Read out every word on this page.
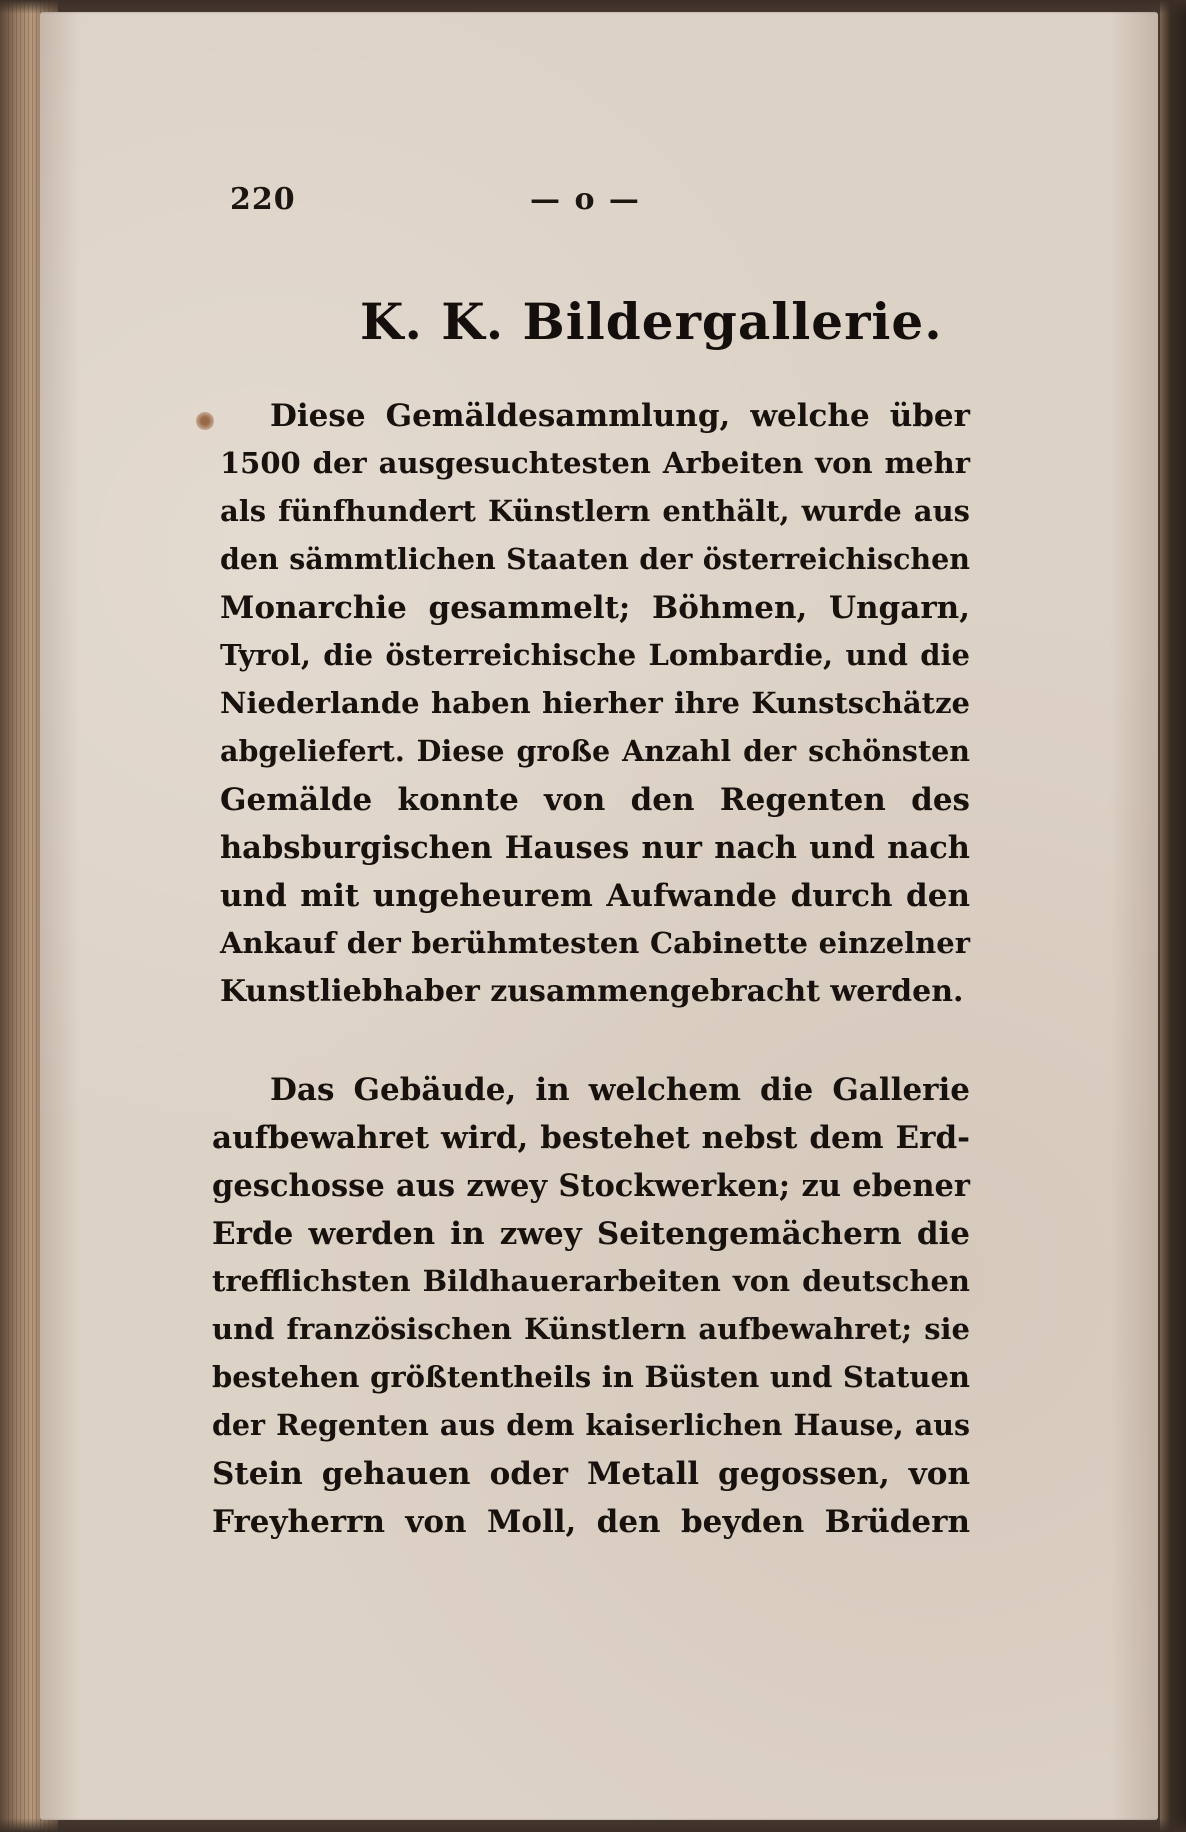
220	— o —
K. K. Bildergallerie.
Diese Gemäldesammlung, welche über
1500 der ausgesuchtesten Arbeiten von mehr
als fünfhundert Künstlern enthält, wurde aus
den sämmtlichen Staaten der österreichischen
Monarchie gesammelt; Böhmen, Ungarn,
Tyrol, die österreichische Lombardie, und die
Niederlande haben hierher ihre Kunstschätze
abgeliefert. Diese große Anzahl der schönsten
Gemälde konnte von den Regenten des
habsburgischen Hauses nur nach und nach
und mit ungeheurem Aufwande durch den
Ankauf der berühmtesten Cabinette einzelner
Kunstliebhaber zusammengebracht werden.
Das Gebäude, in welchem die Gallerie
aufbewahret wird, bestehet nebst dem Erd-
geschosse aus zwey Stockwerken; zu ebener
Erde werden in zwey Seitengemächern die
trefflichsten Bildhauerarbeiten von deutschen
und französischen Künstlern aufbewahret; sie
bestehen größtentheils in Büsten und Statuen
der Regenten aus dem kaiserlichen Hause, aus
Stein gehauen oder Metall gegossen, von
Freyherrn von Moll, den beyden Brüdern
